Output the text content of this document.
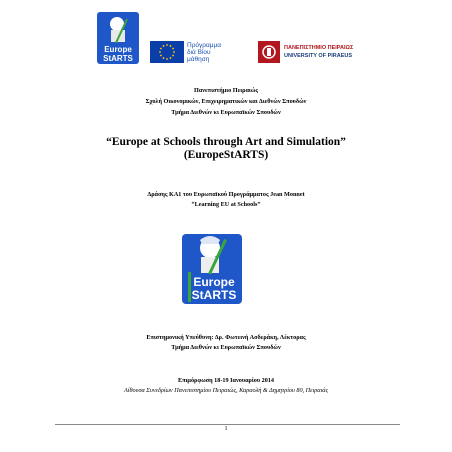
Europe
StARTS
Πρόγραμμα
διά Βίου
μάθηση
ΠΑΝΕΠΙΣΤΗΜΙΟ ΠΕΙΡΑΙΩΣ
UNIVERSITY OF PIRAEUS
Πανεπιστήμιο Πειραιώς
Σχολή Οικονομικών, Επιχειρηματικών και Διεθνών Σπουδών
Τμήμα Διεθνών κι Ευρωπαϊκών Σπουδών
“Europe at Schools through Art and Simulation”
(EuropeStARTS)
Δράσης ΚΑ1 του Ευρωπαϊκού Προγράμματος Jean Monnet
“Learning EU at Schools”
Europe
StARTS
Επιστημονική Υπεύθυνη: Δρ. Φωτεινή Ασδεράκη, Λέκτορας
Τμήμα Διεθνών κι Ευρωπαϊκών Σπουδών
Επιμόρφωση 18-19 Ιανουαρίου 2014
Αίθουσα Συνεδρίων Πανεπιστημίου Πειραιώς, Καραολή & Δημητρίου 80, Πειραιάς
1
